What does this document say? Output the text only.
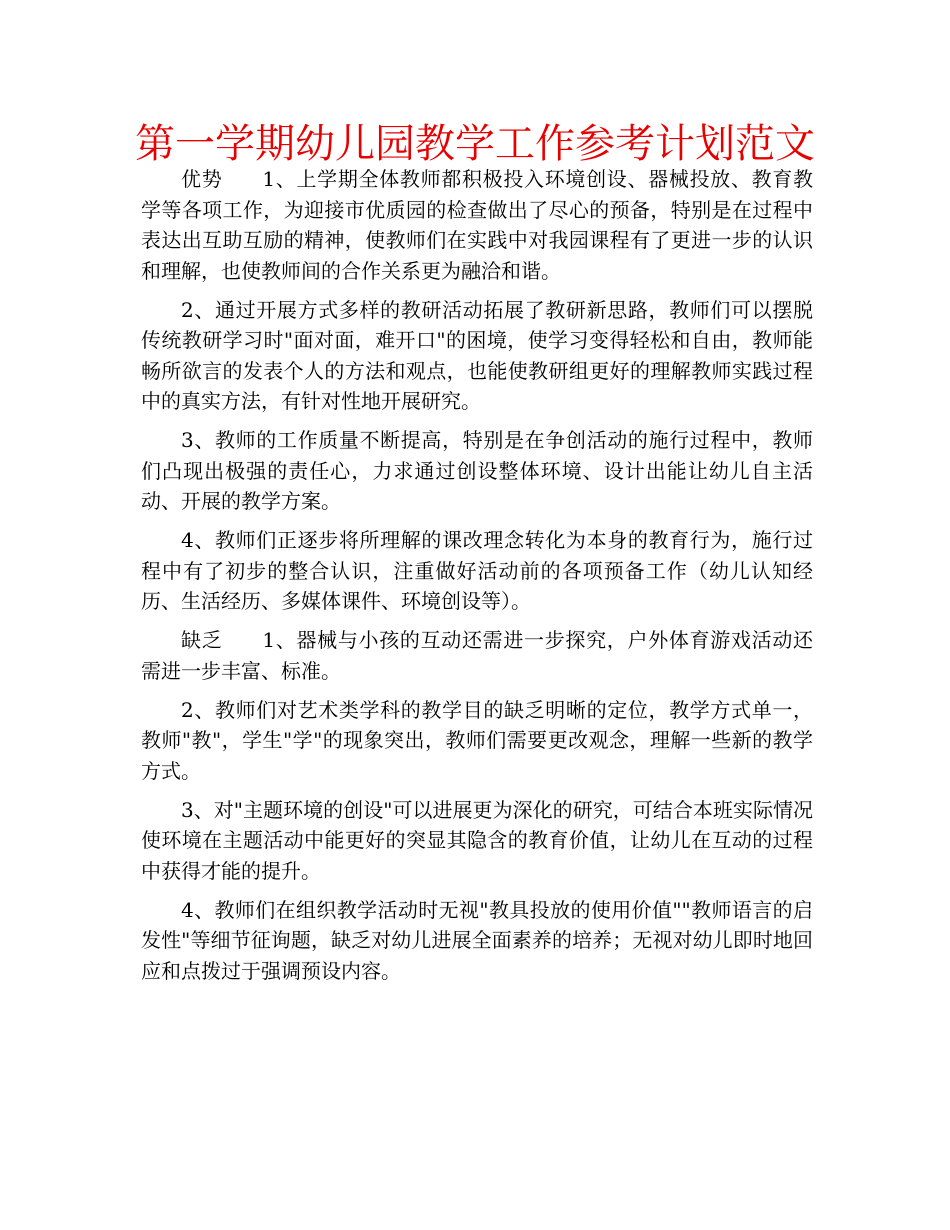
第一学期幼儿园教学工作参考计划范文

优势 1、上学期全体教师都积极投入环境创设、器械投放、教育教学等各项工作，为迎接市优质园的检查做出了尽心的预备，特别是在过程中表达出互助互励的精神，使教师们在实践中对我园课程有了更进一步的认识和理解，也使教师间的合作关系更为融洽和谐。

2、通过开展方式多样的教研活动拓展了教研新思路，教师们可以摆脱传统教研学习时"面对面，难开口"的困境，使学习变得轻松和自由，教师能畅所欲言的发表个人的方法和观点，也能使教研组更好的理解教师实践过程中的真实方法，有针对性地开展研究。

3、教师的工作质量不断提高，特别是在争创活动的施行过程中，教师们凸现出极强的责任心，力求通过创设整体环境、设计出能让幼儿自主活动、开展的教学方案。

4、教师们正逐步将所理解的课改理念转化为本身的教育行为，施行过程中有了初步的整合认识，注重做好活动前的各项预备工作（幼儿认知经历、生活经历、多媒体课件、环境创设等）。

缺乏 1、器械与小孩的互动还需进一步探究，户外体育游戏活动还需进一步丰富、标准。

2、教师们对艺术类学科的教学目的缺乏明晰的定位，教学方式单一，教师"教"，学生"学"的现象突出，教师们需要更改观念，理解一些新的教学方式。

3、对"主题环境的创设"可以进展更为深化的研究，可结合本班实际情况使环境在主题活动中能更好的突显其隐含的教育价值，让幼儿在互动的过程中获得才能的提升。

4、教师们在组织教学活动时无视"教具投放的使用价值""教师语言的启发性"等细节征询题，缺乏对幼儿进展全面素养的培养；无视对幼儿即时地回应和点拨过于强调预设内容。
